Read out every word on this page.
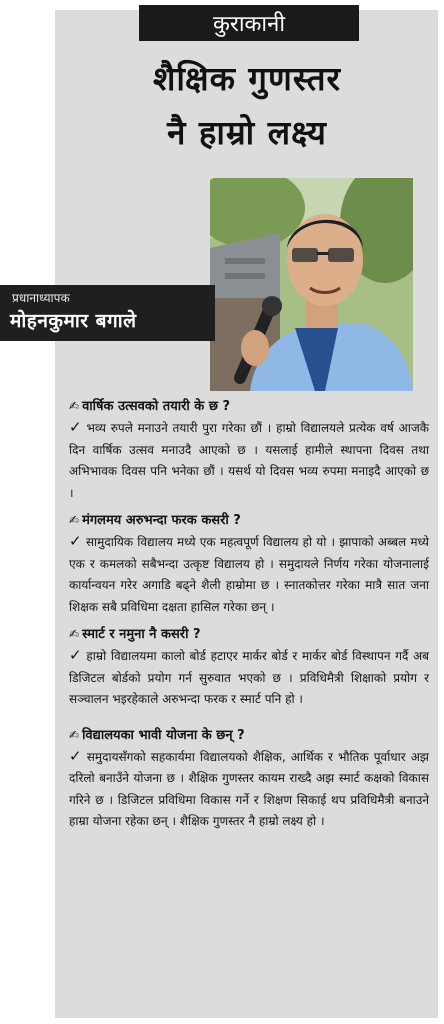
कुराकानी
शैक्षिक गुणस्तर
नै हाम्रो लक्ष्य
प्रधानाध्यापक
मोहनकुमार बगाले
✍ वार्षिक उत्सवको तयारी के छ ?
✓ भव्य रुपले मनाउने तयारी पुरा गरेका छौं । हाम्रो विद्यालयले प्रत्येक वर्ष आजकै दिन वार्षिक उत्सव मनाउदै आएको छ । यसलाई हामीले स्थापना दिवस तथा अभिभावक दिवस पनि भनेका छौं । यसर्थ यो दिवस भव्य रुपमा मनाइदै आएको छ ।
✍ मंगलमय अरुभन्दा फरक कसरी ?
✓ सामुदायिक विद्यालय मध्ये एक महत्वपूर्ण विद्यालय हो यो । झापाको अब्बल मध्ये एक र कमलको सबैभन्दा उत्कृष्ट विद्यालय हो । समुदायले निर्णय गरेका योजनालाई कार्यान्वयन गरेर अगाडि बढ्ने शैली हाम्रोमा छ । स्नातकोत्तर गरेका मात्रै सात जना शिक्षक सबै प्रविधिमा दक्षता हासिल गरेका छन् ।
✍ स्मार्ट र नमुना नै कसरी ?
✓ हाम्रो विद्यालयमा कालो बोर्ड हटाएर मार्कर बोर्ड र मार्कर बोर्ड विस्थापन गर्दै अब डिजिटल बोर्डको प्रयोग गर्न सुरुवात भएको छ । प्रविधिमैत्री शिक्षाको प्रयोग र सञ्चालन भइरहेकाले अरुभन्दा फरक र स्मार्ट पनि हो ।
✍ विद्यालयका भावी योजना के छन् ?
✓ समुदायसँगको सहकार्यमा विद्यालयको शैक्षिक, आर्थिक र भौतिक पूर्वाधार अझ दरिलो बनाउँने योजना छ । शैक्षिक गुणस्तर कायम राख्दै अझ स्मार्ट कक्षको विकास गरिने छ । डिजिटल प्रविधिमा विकास गर्ने र शिक्षण सिकाई थप प्रविधिमैत्री बनाउने हाम्रा योजना रहेका छन् । शैक्षिक गुणस्तर नै हाम्रो लक्ष्य हो ।
